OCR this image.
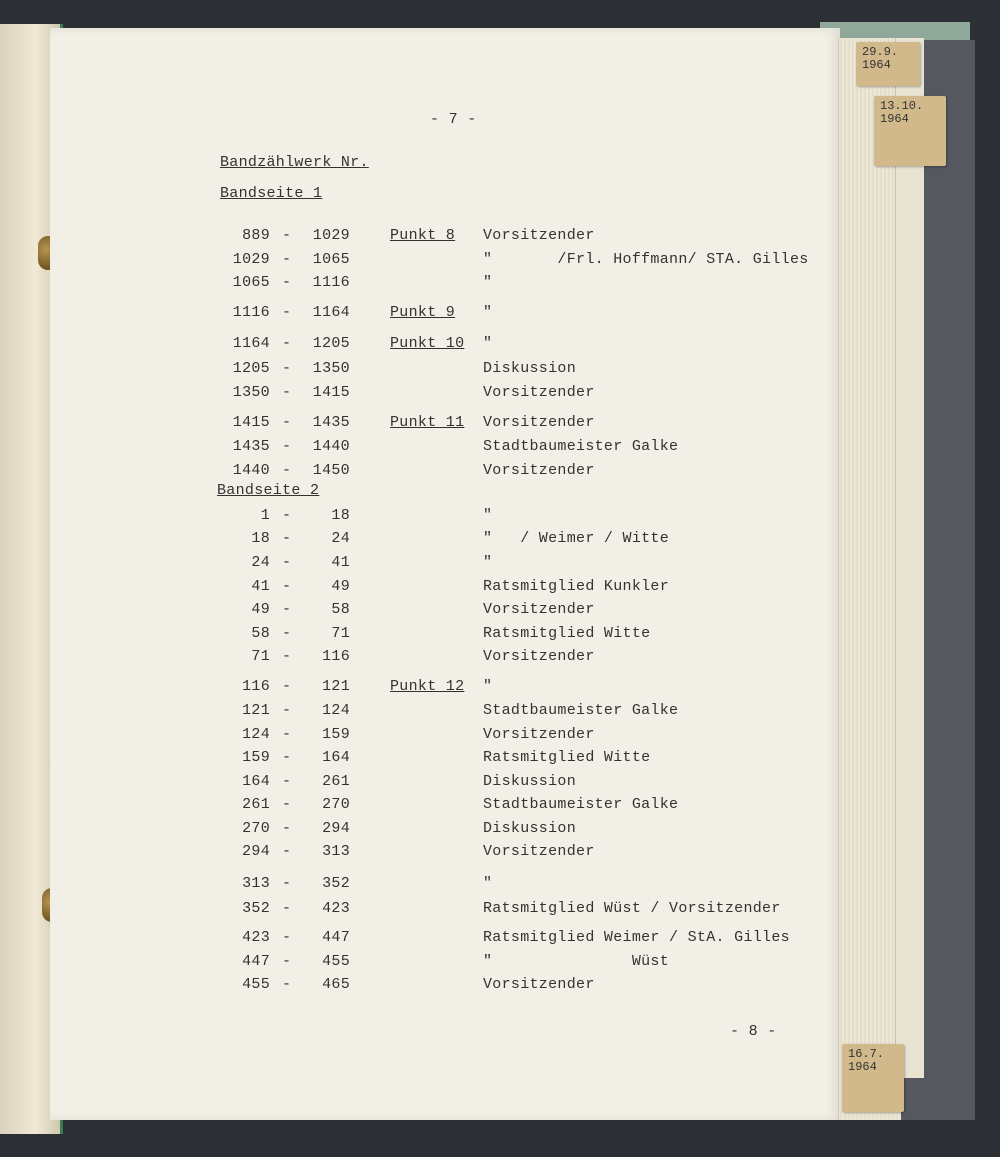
- 7 -
Bandzählwerk Nr.
Bandseite 1
889 -	1029	Punkt 8 Vorsitzender
1029 -	1065	"       /Frl. Hoffmann/ STA. Gilles
1065 -	1116	"
1116 -	1164	Punkt 9 "
1164 -	1205	Punkt 10 "
1205 -	1350	Diskussion
1350 -	1415	Vorsitzender
1415 -	1435	Punkt 11 Vorsitzender
1435 -	1440	Stadtbaumeister Galke
1440 -	1450	Vorsitzender
Bandseite 2
1 -	18	"
18 -	24	"   / Weimer / Witte
24 -	41	"
41 -	49	Ratsmitglied Kunkler
49 -	58	Vorsitzender
58 -	71	Ratsmitglied Witte
71 -	116	Vorsitzender
116 -	121	Punkt 12 "
121 -	124	Stadtbaumeister Galke
124 -	159	Vorsitzender
159 -	164	Ratsmitglied Witte
164 -	261	Diskussion
261 -	270	Stadtbaumeister Galke
270 -	294	Diskussion
294 -	313	Vorsitzender
313 -	352	"
352 -	423	Ratsmitglied Wüst / Vorsitzender
423 -	447	Ratsmitglied Weimer / StA. Gilles
447 -	455	"               Wüst
455 -	465	Vorsitzender
- 8 -
29.9. 1964
13.10. 1964
16.7. 1964
